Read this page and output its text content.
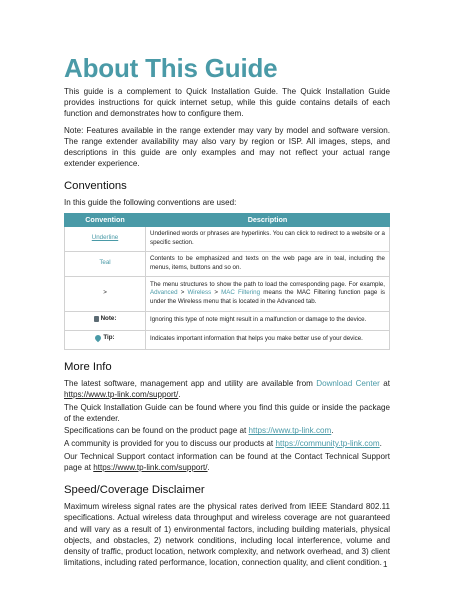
About This Guide

This guide is a complement to Quick Installation Guide. The Quick Installation Guide provides instructions for quick internet setup, while this guide contains details of each function and demonstrates how to configure them.

Note: Features available in the range extender may vary by model and software version. The range extender availability may also vary by region or ISP. All images, steps, and descriptions in this guide are only examples and may not reflect your actual range extender experience.

Conventions

In this guide the following conventions are used:

Convention	Description
Underline	Underlined words or phrases are hyperlinks. You can click to redirect to a website or a specific section.
Teal	Contents to be emphasized and texts on the web page are in teal, including the menus, items, buttons and so on.
>	The menu structures to show the path to load the corresponding page. For example, Advanced > Wireless > MAC Filtering means the MAC Filtering function page is under the Wireless menu that is located in the Advanced tab.

Note:	Ignoring this type of note might result in a malfunction or damage to the device.

Tip:	Indicates important information that helps you make better use of your device.
More Info

The latest software, management app and utility are available from Download Center at https://www.tp-link.com/support/.

The Quick Installation Guide can be found where you find this guide or inside the package of the extender.

Specifications can be found on the product page at https://www.tp-link.com.

A community is provided for you to discuss our products at https://community.tp-link.com.

Our Technical Support contact information can be found at the Contact Technical Support page at https://www.tp-link.com/support/.

Speed/Coverage Disclaimer

Maximum wireless signal rates are the physical rates derived from IEEE Standard 802.11 specifications. Actual wireless data throughput and wireless coverage are not guaranteed and will vary as a result of 1) environmental factors, including building materials, physical objects, and obstacles, 2) network conditions, including local interference, volume and density of traffic, product location, network complexity, and network overhead, and 3) client limitations, including rated performance, location, connection quality, and client condition. 1
